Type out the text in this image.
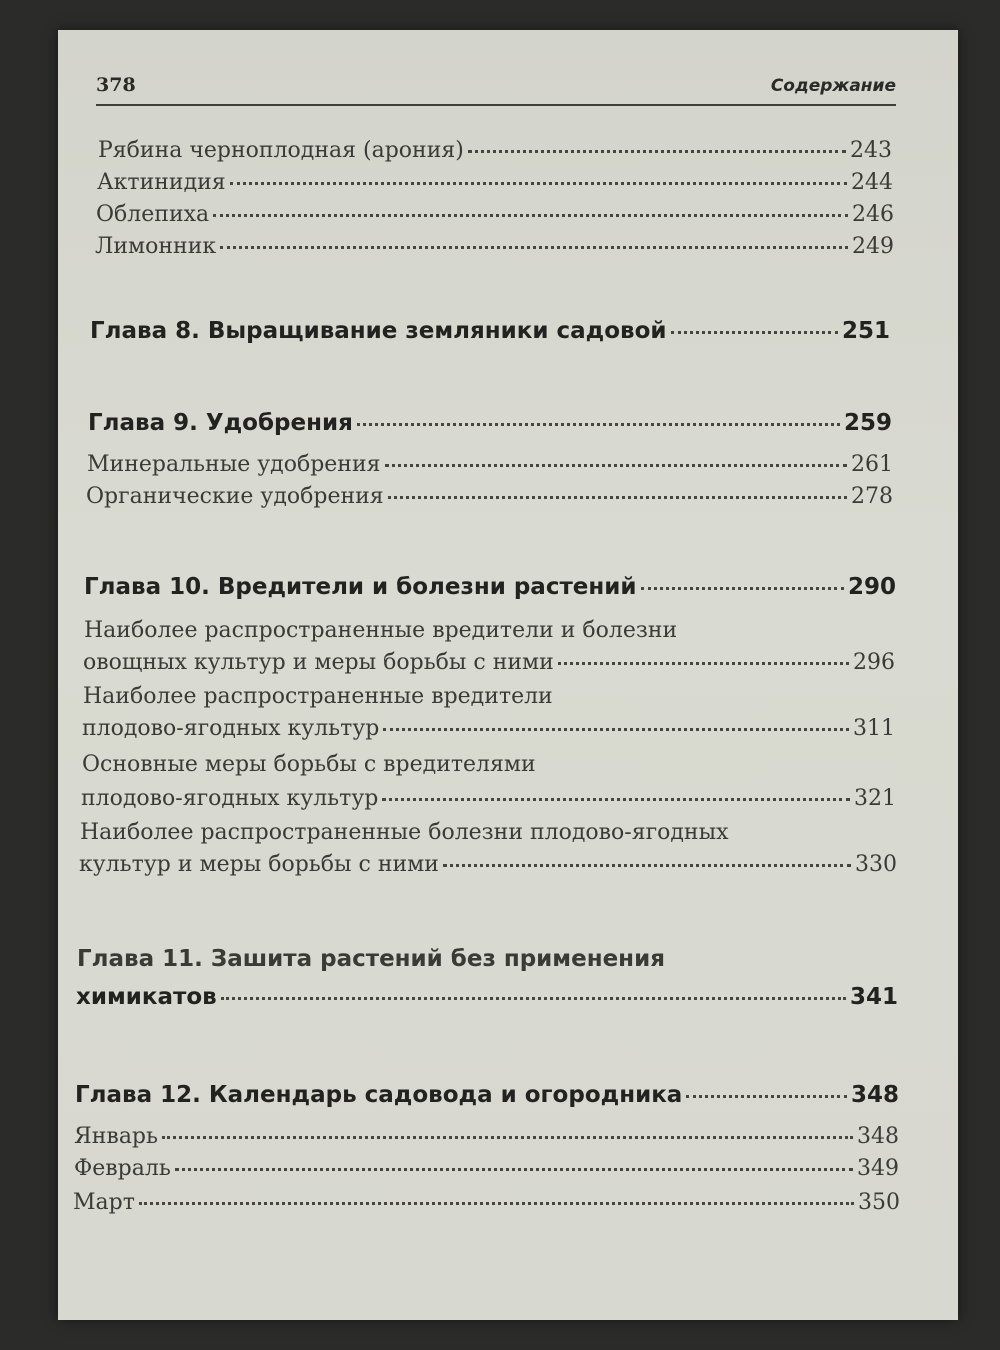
378	Содержание
Рябина черноплодная (арония)	243
Актинидия	244
Облепиха	246
Лимонник	249
Глава 8. Выращивание земляники садовой	251
Глава 9. Удобрения	259
Минеральные удобрения	261
Органические удобрения	278
Глава 10. Вредители и болезни растений	290
Наиболее распространенные вредители и болезни
овощных культур и меры борьбы с ними	296
Наиболее распространенные вредители
плодово-ягодных культур	311
Основные меры борьбы с вредителями
плодово-ягодных культур	321
Наиболее распространенные болезни плодово-ягодных
культур и меры борьбы с ними	330
Глава 11. Зашита растений без применения
химикатов	341
Глава 12. Календарь садовода и огородника	348
Январь	348
Февраль	349
Март	350
